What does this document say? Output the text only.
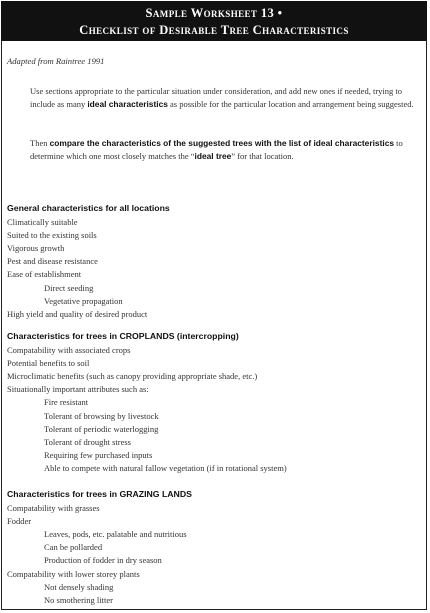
Sample Worksheet 13 •
Checklist of Desirable Tree Characteristics
Adapted from Raintree 1991
Use sections appropriate to the particular situation under consideration, and add new ones if needed, trying to include as many ideal characteristics as possible for the particular location and arrangement being suggested.
Then compare the characteristics of the suggested trees with the list of ideal characteristics to determine which one most closely matches the “ideal tree” for that location.
General characteristics for all locations
Climatically suitable
Suited to the existing soils
Vigorous growth
Pest and disease resistance
Ease of establishment
Direct seeding
Vegetative propagation
High yield and quality of desired product
Characteristics for trees in CROPLANDS (intercropping)
Compatability with associated crops
Potential benefits to soil
Microclimatic benefits (such as canopy providing appropriate shade, etc.)
Situationally important attributes such as:
Fire resistant
Tolerant of browsing by livestock
Tolerant of periodic waterlogging
Tolerant of drought stress
Requiring few purchased inputs
Able to compete with natural fallow vegetation (if in rotational system)
Characteristics for trees in GRAZING LANDS
Compatability with grasses
Fodder
Leaves, pods, etc. palatable and nutritious
Can be pollarded
Production of fodder in dry season
Compatability with lower storey plants
Not densely shading
No smothering litter
